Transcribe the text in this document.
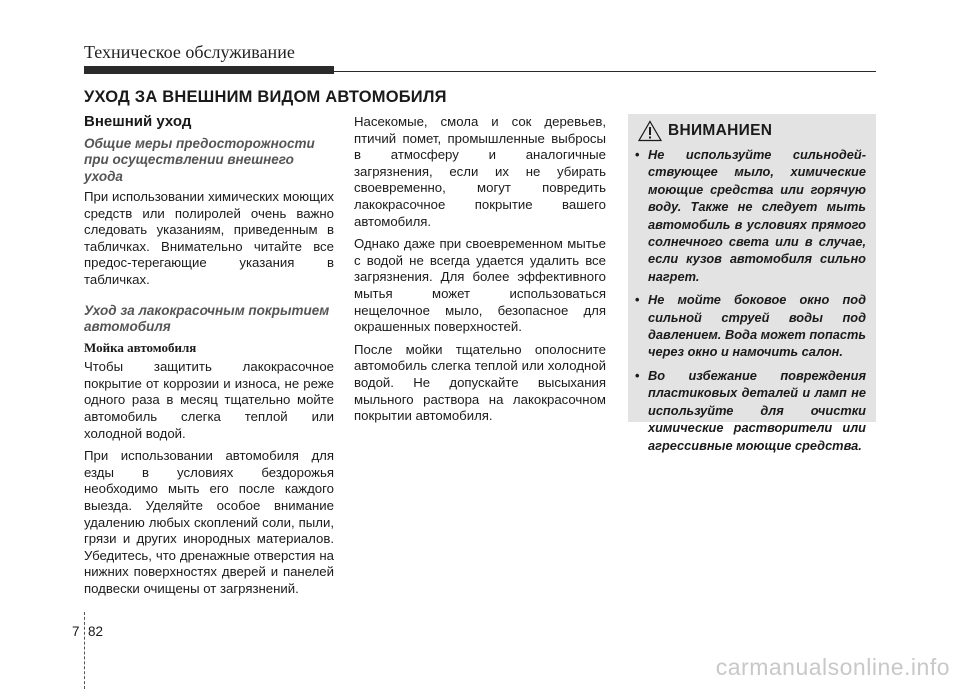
Техническое обслуживание
УХОД ЗА ВНЕШНИМ ВИДОМ АВТОМОБИЛЯ
Внешний уход
Общие меры предосторожности при осуществлении внешнего ухода

При использовании химических моющих средств или полиролей очень важно следовать указаниям, приведенным в табличках. Внимательно читайте все предос-терегающие указания в табличках.

Уход за лакокрасочным покрытием автомобиля
Мойка автомобиля

Чтобы защитить лакокрасочное покрытие от коррозии и износа, не реже одного раза в месяц тщательно мойте автомобиль слегка теплой или холодной водой.

При использовании автомобиля для езды в условиях бездорожья необходимо мыть его после каждого выезда. Уделяйте особое внимание удалению любых скоплений соли, пыли, грязи и других инородных материалов. Убедитесь, что дренажные отверстия на нижних поверхностях дверей и панелей подвески очищены от загрязнений.

Насекомые, смола и сок деревьев, птичий помет, промышленные выбросы в атмосферу и аналогичные загрязнения, если их не убирать своевременно, могут повредить лакокрасочное покрытие вашего автомобиля.

Однако даже при своевременном мытье с водой не всегда удается удалить все загрязнения. Для более эффективного мытья может использоваться нещелочное мыло, безопасное для окрашенных поверхностей.

После мойки тщательно ополосните автомобиль слегка теплой или холодной водой. Не допускайте высыхания мыльного раствора на лакокрасочном покрытии автомобиля.

ВНИМАНИЕN
• Не используйте сильнодей-ствующее мыло, химические моющие средства или горячую воду. Также не следует мыть автомобиль в условиях прямого солнечного света или в случае, если кузов автомобиля сильно нагрет.
• Не мойте боковое окно под сильной струей воды под давлением. Вода может попасть через окно и намочить салон.
• Во избежание повреждения пластиковых деталей и ламп не используйте для очистки химические растворители или агрессивные моющие средства.
7 82
carmanualsonline.info
